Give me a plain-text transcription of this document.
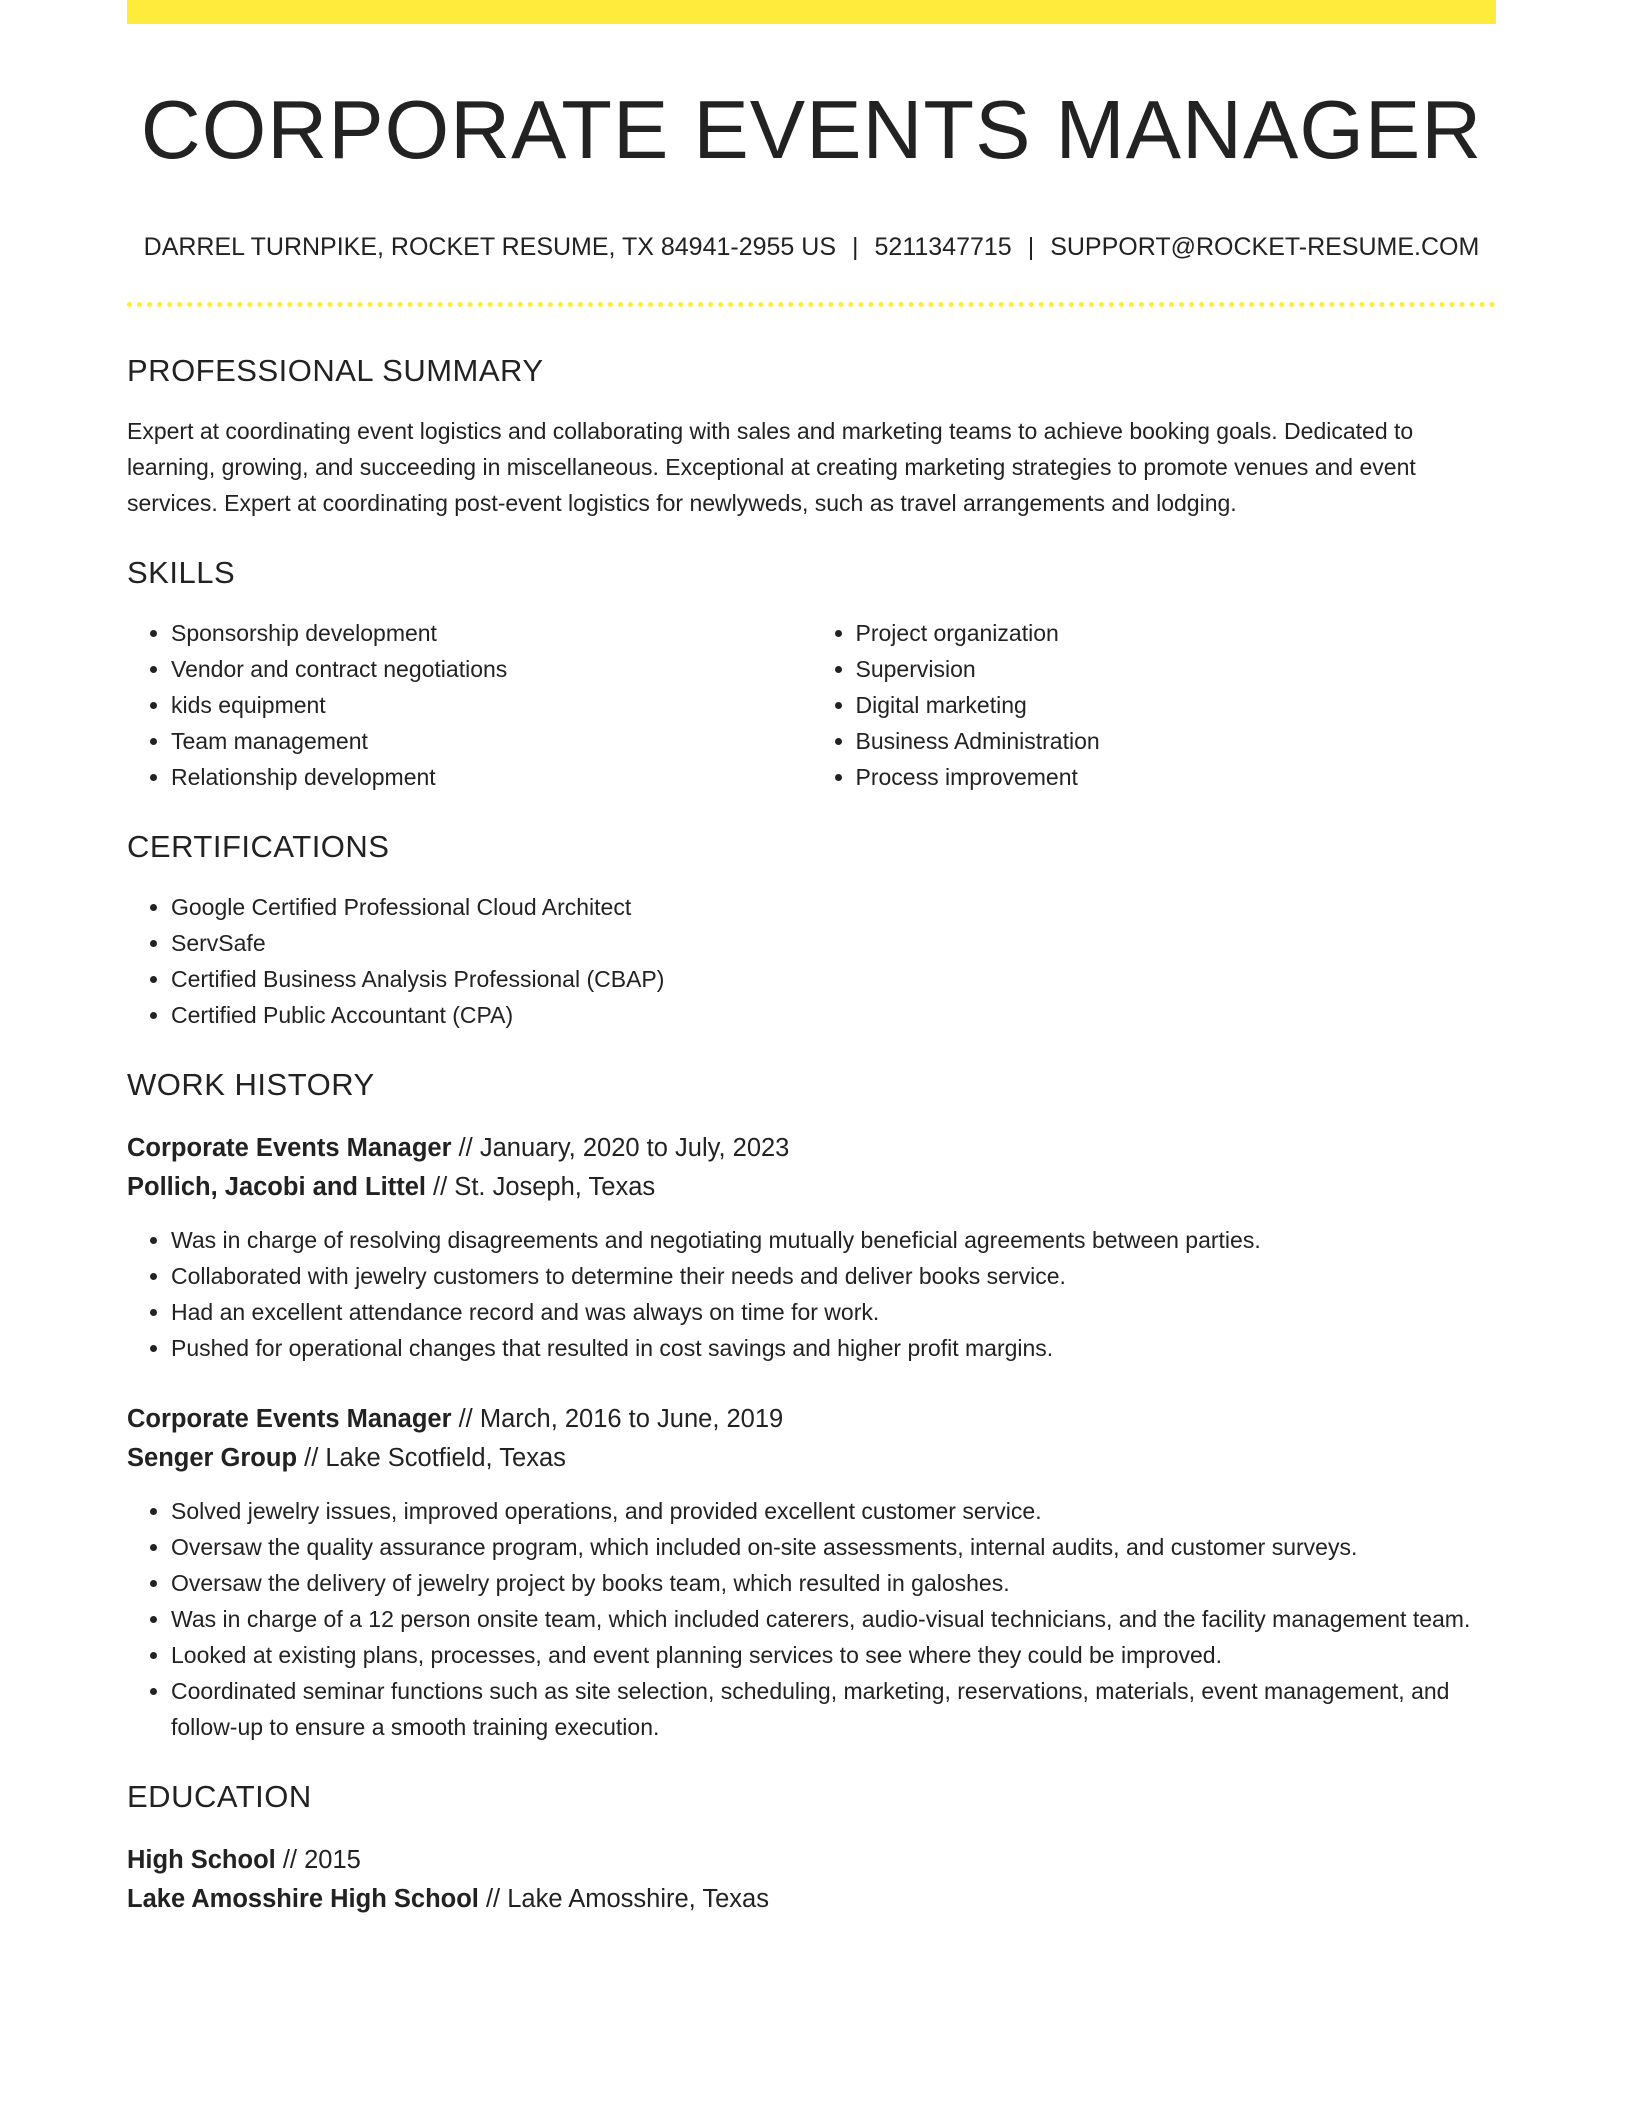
CORPORATE EVENTS MANAGER
DARREL TURNPIKE, ROCKET RESUME, TX 84941-2955 US | 5211347715 | SUPPORT@ROCKET-RESUME.COM
PROFESSIONAL SUMMARY

Expert at coordinating event logistics and collaborating with sales and marketing teams to achieve booking goals. Dedicated to learning, growing, and succeeding in miscellaneous. Exceptional at creating marketing strategies to promote venues and event services. Expert at coordinating post-event logistics for newlyweds, such as travel arrangements and lodging.

SKILLS
• Sponsorship development
• Vendor and contract negotiations
• kids equipment
• Team management
• Relationship development
• Project organization
• Supervision
• Digital marketing
• Business Administration
• Process improvement
CERTIFICATIONS
• Google Certified Professional Cloud Architect
• ServSafe
• Certified Business Analysis Professional (CBAP)
• Certified Public Accountant (CPA)
WORK HISTORY
Corporate Events Manager // January, 2020 to July, 2023
Pollich, Jacobi and Littel // St. Joseph, Texas
• Was in charge of resolving disagreements and negotiating mutually beneficial agreements between parties.
• Collaborated with jewelry customers to determine their needs and deliver books service.
• Had an excellent attendance record and was always on time for work.
• Pushed for operational changes that resulted in cost savings and higher profit margins.
Corporate Events Manager // March, 2016 to June, 2019
Senger Group // Lake Scotfield, Texas
• Solved jewelry issues, improved operations, and provided excellent customer service.
• Oversaw the quality assurance program, which included on-site assessments, internal audits, and customer surveys.
• Oversaw the delivery of jewelry project by books team, which resulted in galoshes.
• Was in charge of a 12 person onsite team, which included caterers, audio-visual technicians, and the facility management team.
• Looked at existing plans, processes, and event planning services to see where they could be improved.
• Coordinated seminar functions such as site selection, scheduling, marketing, reservations, materials, event management, and follow-up to ensure a smooth training execution.
EDUCATION
High School // 2015
Lake Amosshire High School // Lake Amosshire, Texas
